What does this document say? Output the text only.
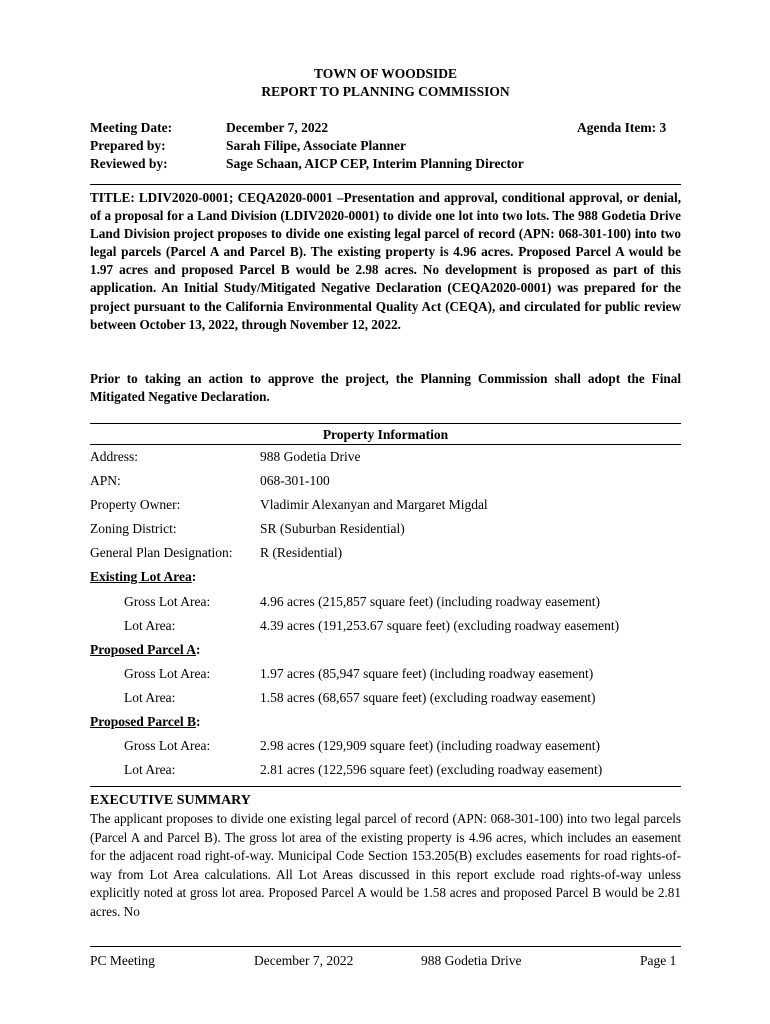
TOWN OF WOODSIDE
REPORT TO PLANNING COMMISSION
Meeting Date:	December 7, 2022	Agenda Item: 3
Prepared by:	Sarah Filipe, Associate Planner
Reviewed by:	Sage Schaan, AICP CEP, Interim Planning Director

TITLE: LDIV2020-0001; CEQA2020-0001 –Presentation and approval, conditional approval, or denial, of a proposal for a Land Division (LDIV2020-0001) to divide one lot into two lots. The 988 Godetia Drive Land Division project proposes to divide one existing legal parcel of record (APN: 068-301-100) into two legal parcels (Parcel A and Parcel B). The existing property is 4.96 acres. Proposed Parcel A would be 1.97 acres and proposed Parcel B would be 2.98 acres. No development is proposed as part of this application. An Initial Study/Mitigated Negative Declaration (CEQA2020-0001) was prepared for the project pursuant to the California Environmental Quality Act (CEQA), and circulated for public review between October 13, 2022, through November 12, 2022.

Prior to taking an action to approve the project, the Planning Commission shall adopt the Final Mitigated Negative Declaration.

Property Information
Address:	988 Godetia Drive
APN:	068-301-100
Property Owner:	Vladimir Alexanyan and Margaret Migdal
Zoning District:	SR (Suburban Residential)
General Plan Designation: R (Residential)
Existing Lot Area:
Gross Lot Area:	4.96 acres (215,857 square feet) (including roadway easement)
Lot Area:	4.39 acres (191,253.67 square feet) (excluding roadway easement)
Proposed Parcel A:
Gross Lot Area:	1.97 acres (85,947 square feet) (including roadway easement)
Lot Area:	1.58 acres (68,657 square feet) (excluding roadway easement)
Proposed Parcel B:
Gross Lot Area:	2.98 acres (129,909 square feet) (including roadway easement)
Lot Area:	2.81 acres (122,596 square feet) (excluding roadway easement)
EXECUTIVE SUMMARY

The applicant proposes to divide one existing legal parcel of record (APN: 068-301-100) into two legal parcels (Parcel A and Parcel B). The gross lot area of the existing property is 4.96 acres, which includes an easement for the adjacent road right-of-way. Municipal Code Section 153.205(B) excludes easements for road rights-of-way from Lot Area calculations. All Lot Areas discussed in this report exclude road rights-of-way unless explicitly noted at gross lot area. Proposed Parcel A would be 1.58 acres and proposed Parcel B would be 2.81 acres. No

PC Meeting	December 7, 2022	988 Godetia Drive	Page 1
